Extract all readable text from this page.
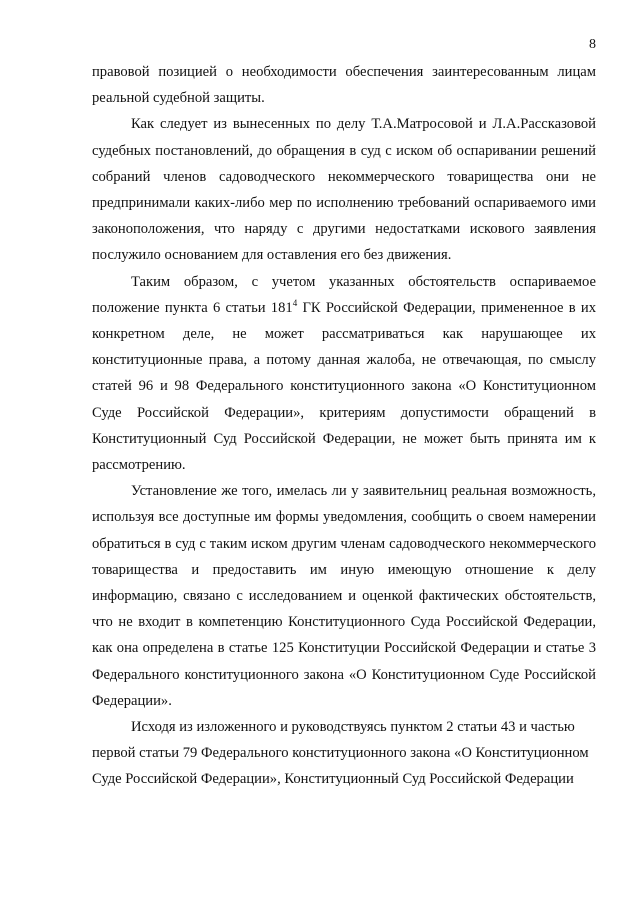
8

правовой позицией о необходимости обеспечения заинтересованным лицам реальной судебной защиты.

Как следует из вынесенных по делу Т.А.Матросовой и Л.А.Рассказовой судебных постановлений, до обращения в суд с иском об оспаривании решений собраний членов садоводческого некоммерческого товарищества они не предпринимали каких-либо мер по исполнению требований оспариваемого ими законоположения, что наряду с другими недостатками искового заявления послужило основанием для оставления его без движения.

Таким образом, с учетом указанных обстоятельств оспариваемое положение пункта 6 статьи $181^4$ ГК Российской Федерации, примененное в их конкретном деле, не может рассматриваться как нарушающее их конституционные права, а потому данная жалоба, не отвечающая, по смыслу статей 96 и 98 Федерального конституционного закона «О Конституционном Суде Российской Федерации», критериям допустимости обращений в Конституционный Суд Российской Федерации, не может быть принята им к рассмотрению.

Установление же того, имелась ли у заявительниц реальная возможность, используя все доступные им формы уведомления, сообщить о своем намерении обратиться в суд с таким иском другим членам садоводческого некоммерческого товарищества и предоставить им иную имеющую отношение к делу информацию, связано с исследованием и оценкой фактических обстоятельств, что не входит в компетенцию Конституционного Суда Российской Федерации, как она определена в статье 125 Конституции Российской Федерации и статье 3 Федерального конституционного закона «О Конституционном Суде Российской Федерации».

Исходя из изложенного и руководствуясь пунктом 2 статьи 43 и частью первой статьи 79 Федерального конституционного закона «О Конституционном Суде Российской Федерации», Конституционный Суд Российской Федерации
